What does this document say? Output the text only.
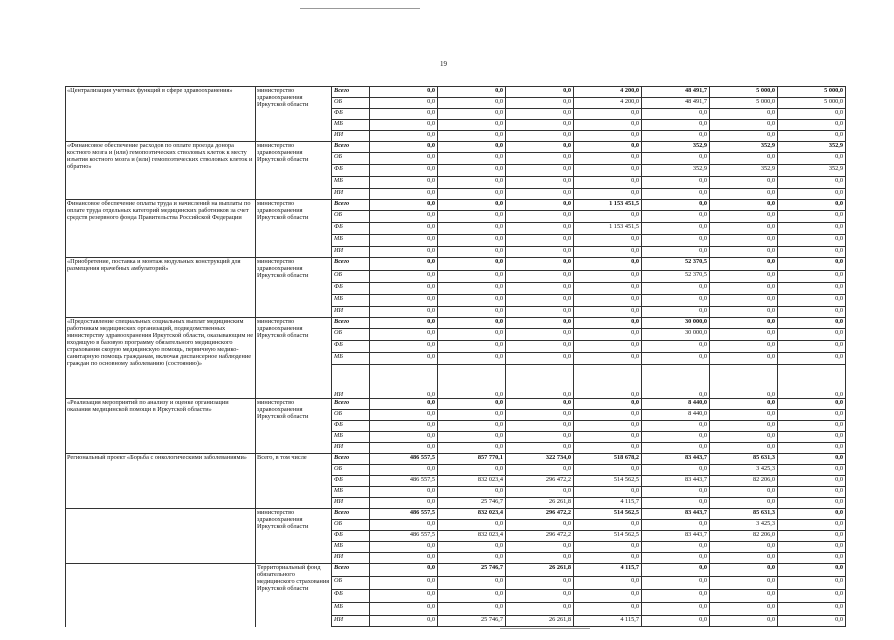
19
«Централизация учетных функций в сфере здравоохранения»	министерство здравоохранения Иркутской области	Всего	0,0	0,0	0,0	4 200,0	48 491,7	5 000,0	5 000,0
		ОБ	0,0	0,0	0,0	4 200,0	48 491,7	5 000,0	5 000,0
		ФБ	0,0	0,0	0,0	0,0	0,0	0,0	0,0
		МБ	0,0	0,0	0,0	0,0	0,0	0,0	0,0
		ИИ	0,0	0,0	0,0	0,0	0,0	0,0	0,0
«Финансовое обеспечение расходов по оплате проезда донора костного мозга и (или) гемопоэтических стволовых клеток к месту изъятия костного мозга и (или) гемопоэтических стволовых клеток и обратно»	министерство здравоохранения Иркутской области	Всего	0,0	0,0	0,0	0,0	352,9	352,9	352,9
		ОБ	0,0	0,0	0,0	0,0	0,0	0,0	0,0
		ФБ	0,0	0,0	0,0	0,0	352,9	352,9	352,9
		МБ	0,0	0,0	0,0	0,0	0,0	0,0	0,0
		ИИ	0,0	0,0	0,0	0,0	0,0	0,0	0,0
Финансовое обеспечение оплаты труда и начислений на выплаты по оплате труда отдельных категорий медицинских работников за счет средств резервного фонда Правительства Российской Федерации	министерство здравоохранения Иркутской области	Всего	0,0	0,0	0,0	1 153 451,5	0,0	0,0	0,0
		ОБ	0,0	0,0	0,0	0,0	0,0	0,0	0,0
		ФБ	0,0	0,0	0,0	1 153 451,5	0,0	0,0	0,0
		МБ	0,0	0,0	0,0	0,0	0,0	0,0	0,0
		ИИ	0,0	0,0	0,0	0,0	0,0	0,0	0,0
«Приобретение, поставка и монтаж модульных конструкций для размещения врачебных амбулаторий»	министерство здравоохранения Иркутской области	Всего	0,0	0,0	0,0	0,0	52 370,5	0,0	0,0
		ОБ	0,0	0,0	0,0	0,0	52 370,5	0,0	0,0
		ФБ	0,0	0,0	0,0	0,0	0,0	0,0	0,0
		МБ	0,0	0,0	0,0	0,0	0,0	0,0	0,0
		ИИ	0,0	0,0	0,0	0,0	0,0	0,0	0,0
«Предоставление специальных социальных выплат медицинским работникам медицинских организаций, подведомственных министерству здравоохранения Иркутской области, оказывающим не входящую в базовую программу обязательного медицинского страхования скорую медицинскую помощь, первичную медико-санитарную помощь гражданам, включая диспансерное наблюдение граждан по основному заболеванию (состоянию)»	министерство здравоохранения Иркутской области	Всего	0,0	0,0	0,0	0,0	30 000,0	0,0	0,0
		ОБ	0,0	0,0	0,0	0,0	30 000,0	0,0	0,0
		ФБ	0,0	0,0	0,0	0,0	0,0	0,0	0,0
		МБ	0,0	0,0	0,0	0,0	0,0	0,0	0,0
		ИИ	0,0	0,0	0,0	0,0	0,0	0,0	0,0
«Реализация мероприятий по анализу и оценке организации оказания медицинской помощи в Иркутской области»	министерство здравоохранения Иркутской области	Всего	0,0	0,0	0,0	0,0	8 440,0	0,0	0,0
		ОБ	0,0	0,0	0,0	0,0	8 440,0	0,0	0,0
		ФБ	0,0	0,0	0,0	0,0	0,0	0,0	0,0
		МБ	0,0	0,0	0,0	0,0	0,0	0,0	0,0
		ИИ	0,0	0,0	0,0	0,0	0,0	0,0	0,0
Региональный проект «Борьба с онкологическими заболеваниями»	Всего, в том числе	Всего	486 557,5	857 770,1	322 734,0	518 678,2	83 443,7	85 631,3	0,0
		ОБ	0,0	0,0	0,0	0,0	0,0	3 425,3	0,0
		ФБ	486 557,5	832 023,4	296 472,2	514 562,5	83 443,7	82 206,0	0,0
		МБ	0,0	0,0	0,0	0,0	0,0	0,0	0,0
		ИИ	0,0	25 746,7	26 261,8	4 115,7	0,0	0,0	0,0
	министерство здравоохранения Иркутской области	Всего	486 557,5	832 023,4	296 472,2	514 562,5	83 443,7	85 631,3	0,0
		ОБ	0,0	0,0	0,0	0,0	0,0	3 425,3	0,0
		ФБ	486 557,5	832 023,4	296 472,2	514 562,5	83 443,7	82 206,0	0,0
		МБ	0,0	0,0	0,0	0,0	0,0	0,0	0,0
		ИИ	0,0	0,0	0,0	0,0	0,0	0,0	0,0
	Территориальный фонд обязательного медицинского страхования Иркутской области	Всего	0,0	25 746,7	26 261,8	4 115,7	0,0	0,0	0,0
		ОБ	0,0	0,0	0,0	0,0	0,0	0,0	0,0
		ФБ	0,0	0,0	0,0	0,0	0,0	0,0	0,0
		МБ	0,0	0,0	0,0	0,0	0,0	0,0	0,0
		ИИ	0,0	25 746,7	26 261,8	4 115,7	0,0	0,0	0,0
